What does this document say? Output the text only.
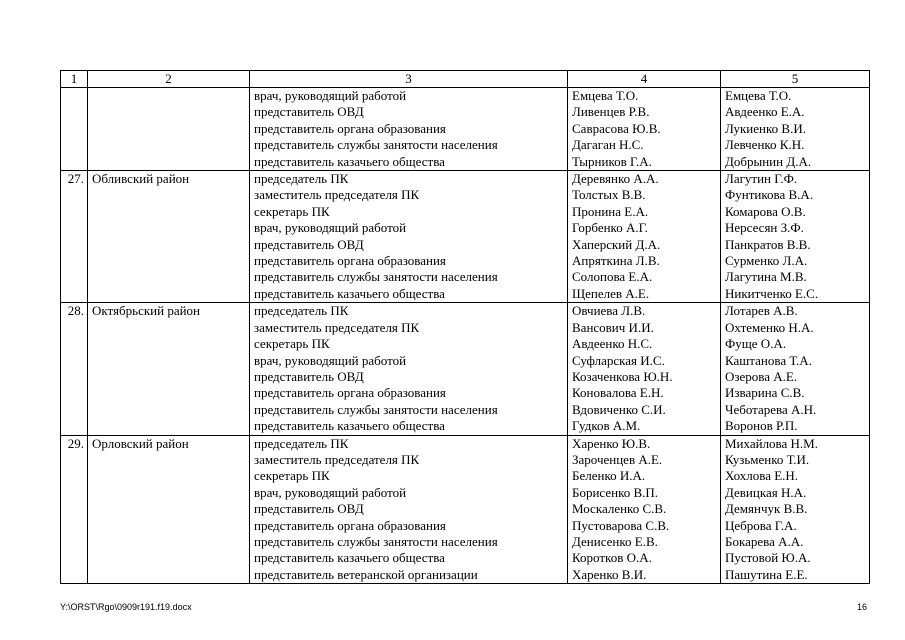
1	2	3	4	5
		врач, руководящий работой	Емцева Т.О.	Емцева Т.О.
		представитель ОВД	Ливенцев Р.В.	Авдеенко Е.А.
		представитель органа образования	Саврасова Ю.В.	Лукиенко В.И.
		представитель службы занятости населения	Дагаган Н.С.	Левченко К.Н.
		представитель казачьего общества	Тырников Г.А.	Добрынин Д.А.
27.	Обливский район	председатель ПК	Деревянко А.А.	Лагутин Г.Ф.
		заместитель председателя ПК	Толстых В.В.	Фунтикова В.А.
		секретарь ПК	Пронина Е.А.	Комарова О.В.
		врач, руководящий работой	Горбенко А.Г.	Нерсесян З.Ф.
		представитель ОВД	Хаперский Д.А.	Панкратов В.В.
		представитель органа образования	Апряткина Л.В.	Сурменко Л.А.
		представитель службы занятости населения	Солопова Е.А.	Лагутина М.В.
		представитель казачьего общества	Щепелев А.Е.	Никитченко Е.С.
28.	Октябрьский район	председатель ПК	Овчиева Л.В.	Лотарев А.В.
		заместитель председателя ПК	Вансович И.И.	Охтеменко Н.А.
		секретарь ПК	Авдеенко Н.С.	Фуще О.А.
		врач, руководящий работой	Суфларская И.С.	Каштанова Т.А.
		представитель ОВД	Козаченкова Ю.Н.	Озерова А.Е.
		представитель органа образования	Коновалова Е.Н.	Изварина С.В.
		представитель службы занятости населения	Вдовиченко С.И.	Чеботарева А.Н.
		представитель казачьего общества	Гудков А.М.	Воронов Р.П.
29.	Орловский район	председатель ПК	Харенко Ю.В.	Михайлова Н.М.
		заместитель председателя ПК	Зароченцев А.Е.	Кузьменко Т.И.
		секретарь ПК	Беленко И.А.	Хохлова Е.Н.
		врач, руководящий работой	Борисенко В.П.	Девицкая Н.А.
		представитель ОВД	Москаленко С.В.	Демянчук В.В.
		представитель органа образования	Пустоварова С.В.	Цеброва Г.А.
		представитель службы занятости населения	Денисенко Е.В.	Бокарева А.А.
		представитель казачьего общества	Коротков О.А.	Пустовой Ю.А.
		представитель ветеранской организации	Харенко В.И.	Пашутина Е.Е.
Y:\ORST\Rgo\0909r191.f19.docx	16
